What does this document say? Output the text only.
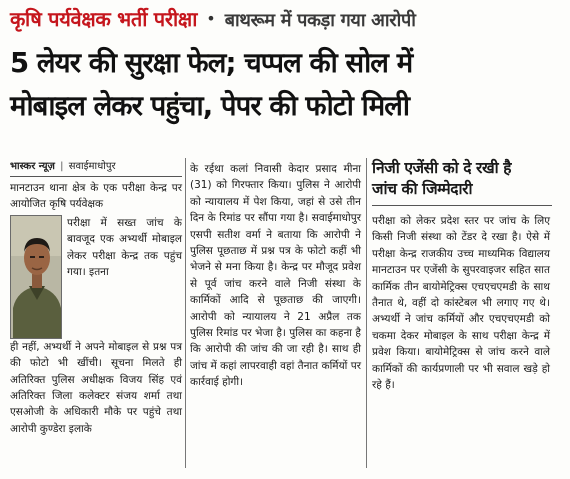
कृषि पर्यवेक्षक भर्ती परीक्षा • बाथरूम में पकड़ा गया आरोपी
5 लेयर की सुरक्षा फेल; चप्पल की सोल में
मोबाइल लेकर पहुंचा, पेपर की फोटो मिली
भास्कर न्यूज़ | सवाईमाधोपुर
मानटाउन थाना क्षेत्र के एक परीक्षा केन्द्र पर आयोजित कृषि पर्यवेक्षक
परीक्षा में सख्त जांच के बावजूद एक अभ्यर्थी मोबाइल लेकर परीक्षा केन्द्र तक पहुंच गया। इतना
ही नहीं, अभ्यर्थी ने अपने मोबाइल से प्रश्न पत्र की फोटो भी खींची। सूचना मिलते ही अतिरिक्त पुलिस अधीक्षक विजय सिंह एवं अतिरिक्त जिला कलेक्टर संजय शर्मा तथा एसओजी के अधिकारी मौके पर पहुंचे तथा आरोपी कुण्डेरा इलाके
के रईथा कलां निवासी केदार प्रसाद मीना (31) को गिरफ्तार किया। पुलिस ने आरोपी को न्यायालय में पेश किया, जहां से उसे तीन दिन के रिमांड पर सौंपा गया है। सवाईमाधोपुर एसपी सतीश वर्मा ने बताया कि आरोपी ने पुलिस पूछताछ में प्रश्न पत्र के फोटो कहीं भी भेजने से मना किया है। केन्द्र पर मौजूद प्रवेश से पूर्व जांच करने वाले निजी संस्था के कार्मिकों आदि से पूछताछ की जाएगी। आरोपी को न्यायालय ने 21 अप्रैल तक पुलिस रिमांड पर भेजा है। पुलिस का कहना है कि आरोपी की जांच की जा रही है। साथ ही जांच में कहां लापरवाही वहां तैनात कर्मियों पर कार्रवाई होगी।
निजी एजेंसी को दे रखी है
जांच की जिम्मेदारी
परीक्षा को लेकर प्रदेश स्तर पर जांच के लिए किसी निजी संस्था को टेंडर दे रखा है। ऐसे में परीक्षा केन्द्र राजकीय उच्च माध्यमिक विद्यालय मानटाउन पर एजेंसी के सुपरवाइजर सहित सात कार्मिक तीन बायोमेट्रिक्स एचएचएमडी के साथ तैनात थे, वहीं दो कांस्टेबल भी लगाए गए थे। अभ्यर्थी ने जांच कर्मियों और एचएचएमडी को चकमा देकर मोबाइल के साथ परीक्षा केन्द्र में प्रवेश किया। बायोमेट्रिक्स से जांच करने वाले कार्मिकों की कार्यप्रणाली पर भी सवाल खड़े हो रहे हैं।
